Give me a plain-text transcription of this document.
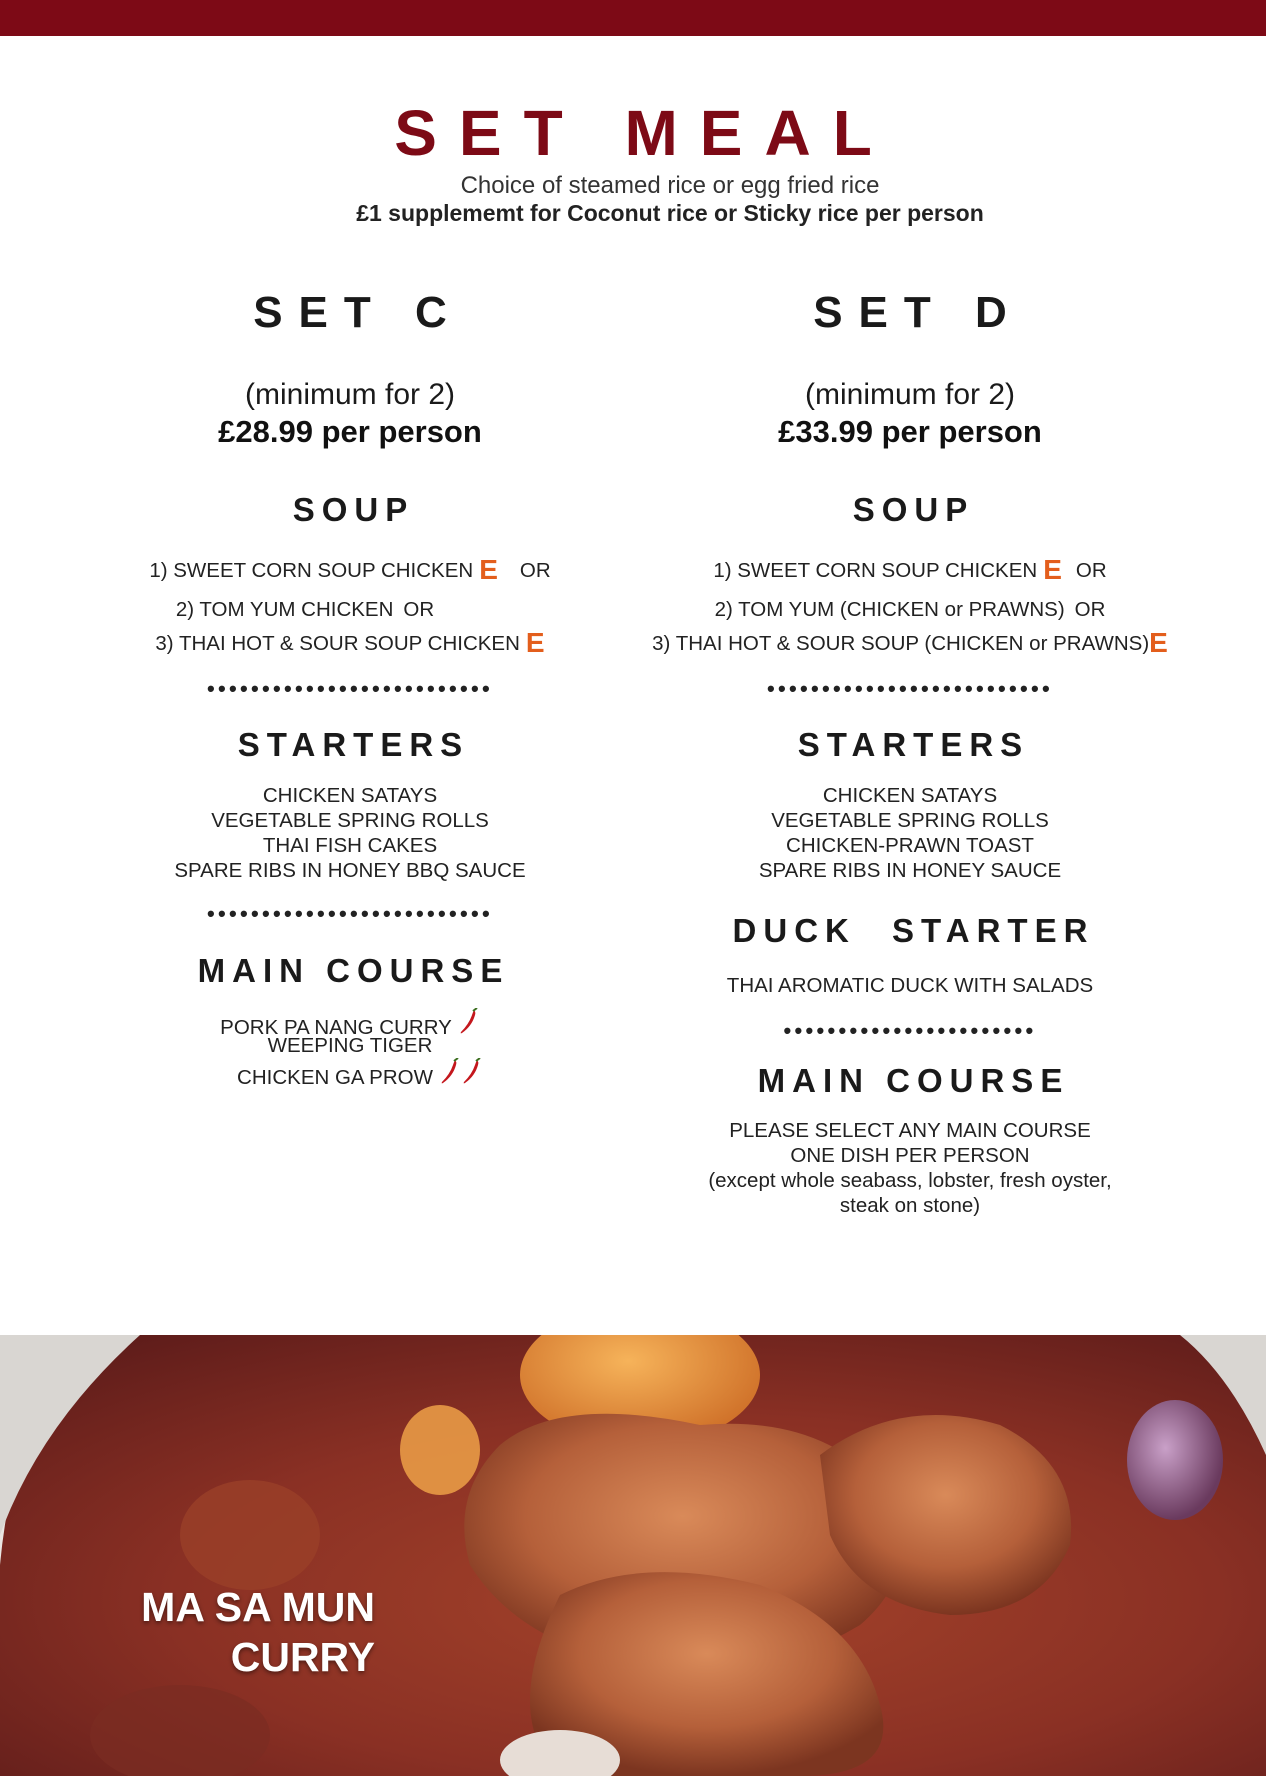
SET MEAL
Choice of steamed rice or egg fried rice
£1 supplememt for Coconut rice or Sticky rice per person
SET C
(minimum for 2)
£28.99 per person
SOUP
1) SWEET CORN SOUP CHICKEN E OR
2) TOM YUM CHICKEN OR
3) THAI HOT & SOUR SOUP CHICKEN E
••••••••••••••••••••••••••
STARTERS
CHICKEN SATAYS
VEGETABLE SPRING ROLLS
THAI FISH CAKES
SPARE RIBS IN HONEY BBQ SAUCE
••••••••••••••••••••••••••
MAIN COURSE
PORK PA NANG CURRY
WEEPING TIGER
CHICKEN GA PROW
SET D
(minimum for 2)
£33.99 per person
SOUP
1) SWEET CORN SOUP CHICKEN E OR
2) TOM YUM (CHICKEN or PRAWNS) OR
3) THAI HOT & SOUR SOUP (CHICKEN or PRAWNS)E
••••••••••••••••••••••••••
STARTERS
CHICKEN SATAYS
VEGETABLE SPRING ROLLS
CHICKEN-PRAWN TOAST
SPARE RIBS IN HONEY SAUCE
DUCK STARTER
THAI AROMATIC DUCK WITH SALADS
•••••••••••••••••••••••
MAIN COURSE
PLEASE SELECT ANY MAIN COURSE
ONE DISH PER PERSON
(except whole seabass, lobster, fresh oyster,
steak on stone)
MA SA MUN
CURRY
